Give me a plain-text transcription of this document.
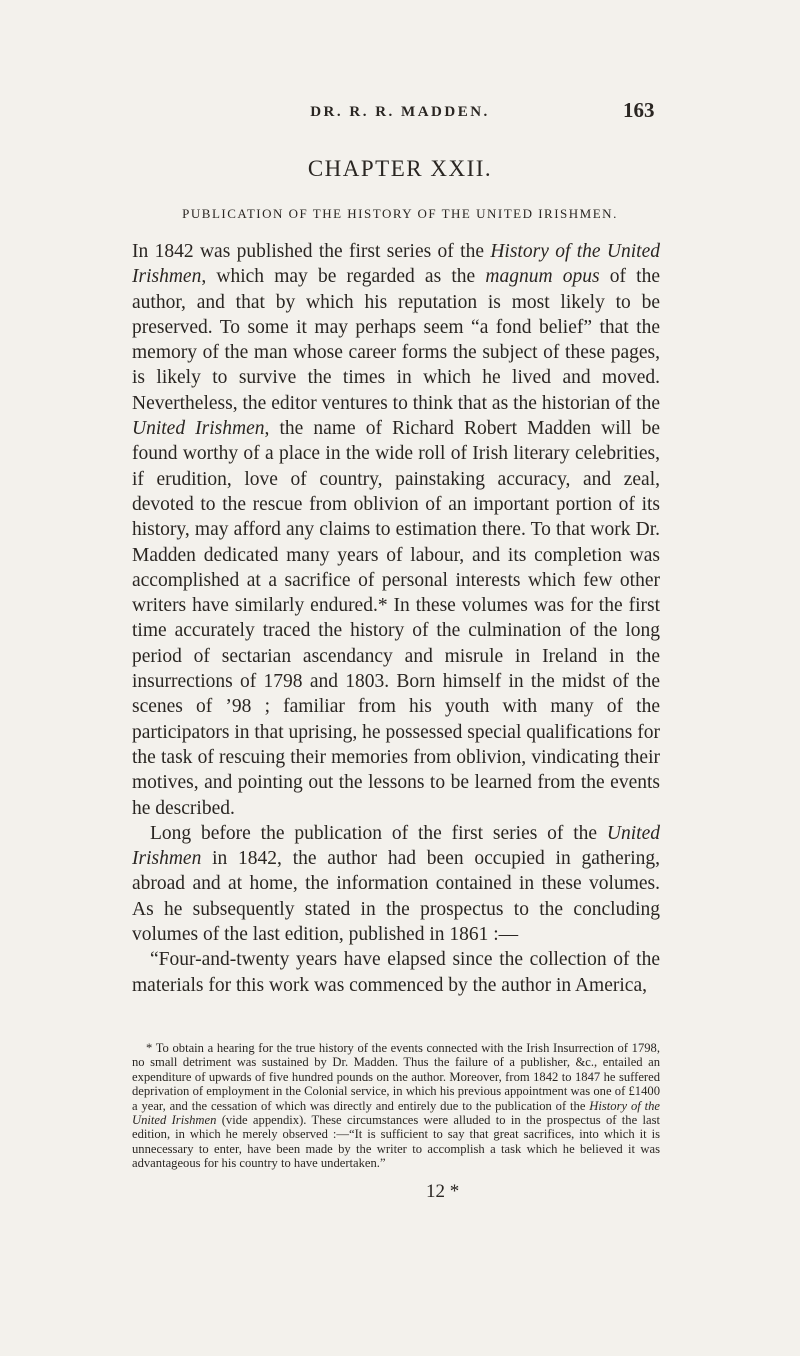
DR. R. R. MADDEN.	163
CHAPTER XXII.
PUBLICATION OF THE HISTORY OF THE UNITED IRISHMEN.

In 1842 was published the first series of the History of the United Irishmen, which may be regarded as the magnum opus of the author, and that by which his reputation is most likely to be preserved. To some it may perhaps seem “a fond belief” that the memory of the man whose career forms the subject of these pages, is likely to survive the times in which he lived and moved. Nevertheless, the editor ventures to think that as the historian of the United Irishmen, the name of Richard Robert Madden will be found worthy of a place in the wide roll of Irish literary celebrities, if erudition, love of country, painstaking accuracy, and zeal, devoted to the rescue from oblivion of an important portion of its history, may afford any claims to estimation there. To that work Dr. Madden dedicated many years of labour, and its completion was accomplished at a sacrifice of personal interests which few other writers have similarly endured.* In these volumes was for the first time accurately traced the history of the culmination of the long period of sectarian ascendancy and misrule in Ireland in the insurrections of 1798 and 1803. Born himself in the midst of the scenes of ’98 ; familiar from his youth with many of the participators in that uprising, he possessed special qualifications for the task of rescuing their memories from oblivion, vindicating their motives, and pointing out the lessons to be learned from the events he described.

Long before the publication of the first series of the United Irishmen in 1842, the author had been occupied in gathering, abroad and at home, the information contained in these volumes. As he subsequently stated in the prospectus to the concluding volumes of the last edition, published in 1861 :—

“Four-and-twenty years have elapsed since the collection of the materials for this work was commenced by the author in America,

* To obtain a hearing for the true history of the events connected with the Irish Insurrection of 1798, no small detriment was sustained by Dr. Madden. Thus the failure of a publisher, &c., entailed an expenditure of upwards of five hundred pounds on the author. Moreover, from 1842 to 1847 he suffered deprivation of employment in the Colonial service, in which his previous appointment was one of £1400 a year, and the cessation of which was directly and entirely due to the publication of the History of the United Irishmen (vide appendix). These circumstances were alluded to in the prospectus of the last edition, in which he merely observed :—“It is sufficient to say that great sacrifices, into which it is unnecessary to enter, have been made by the writer to accomplish a task which he believed it was advantageous for his country to have undertaken.”

12 *
